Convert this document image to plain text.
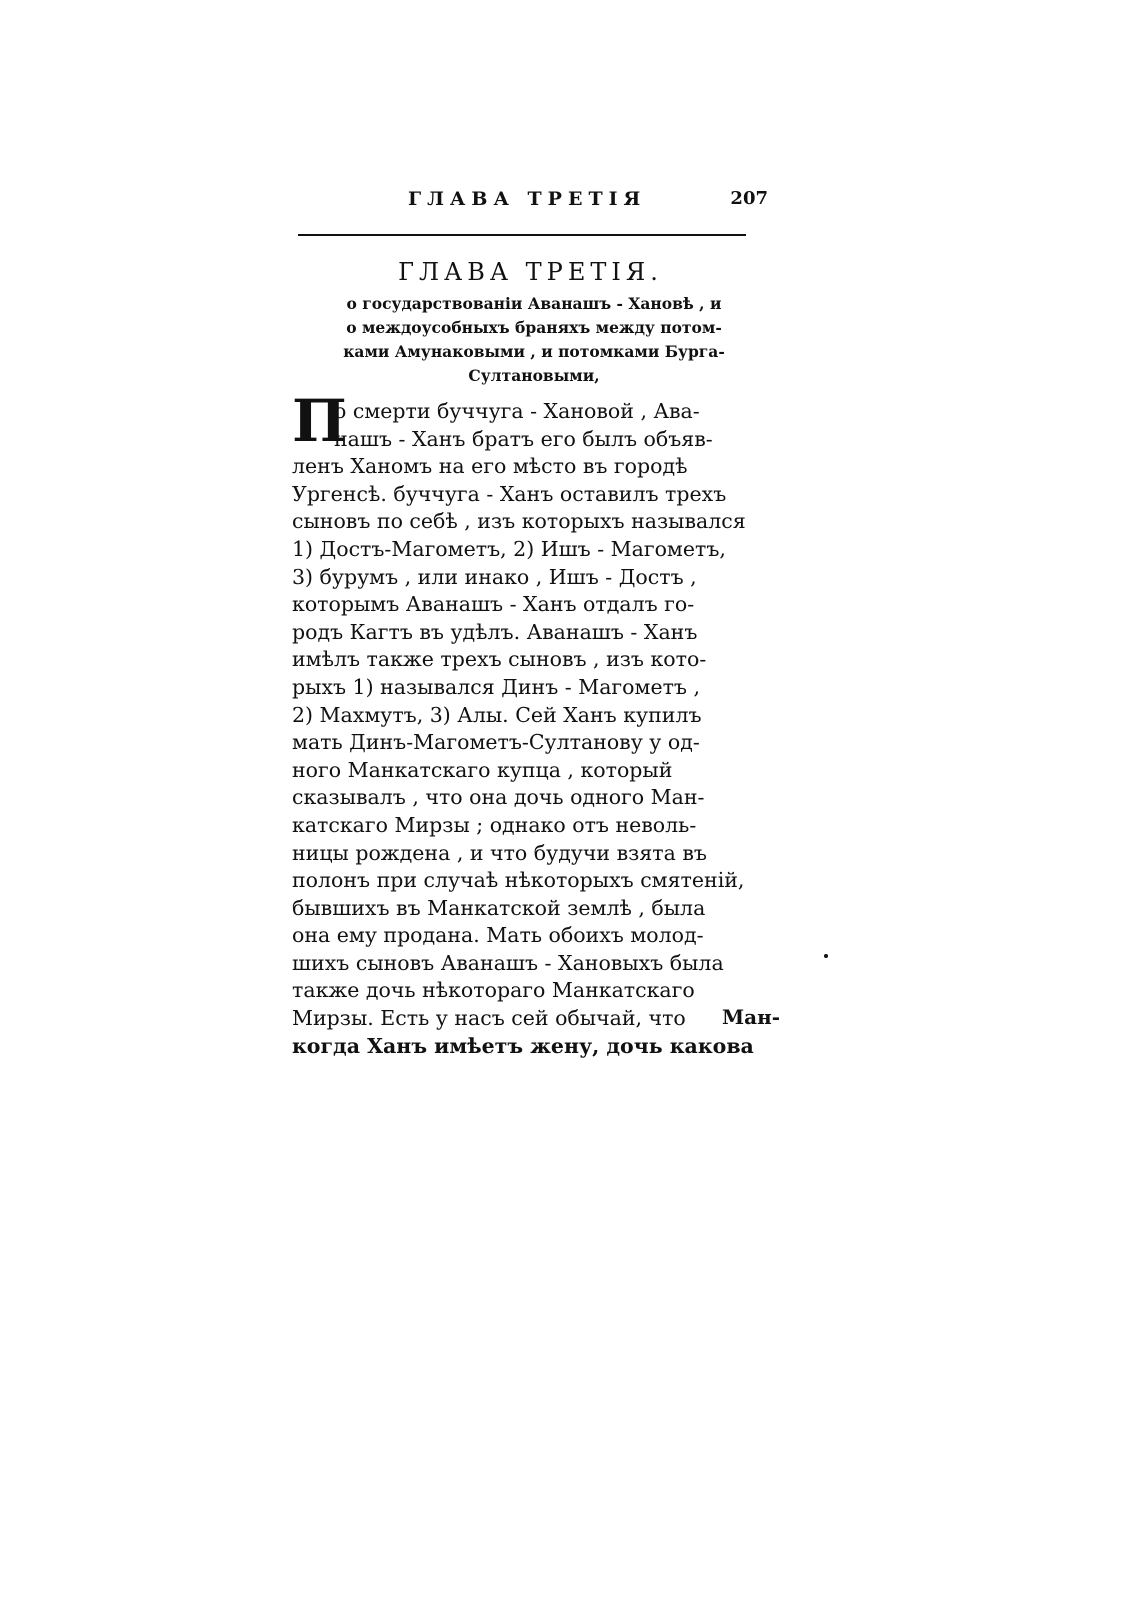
ГЛАВА ТРЕТІЯ	207
ГЛАВА ТРЕТІЯ.
о государствованіи Аванашъ - Хановѣ , и
о междоусобныхъ браняхъ между потом-
ками Амунаковыми , и потомками Бурга-
Султановыми,
П
о смерти буччуга - Хановой , Ава-
нашъ - Ханъ братъ его былъ объяв-
ленъ Ханомъ на его мѣсто въ городѣ
Ургенсѣ. буччуга - Ханъ оставилъ трехъ
сыновъ по себѣ , изъ которыхъ назывался
1) Достъ-Магометъ, 2) Ишъ - Магометъ,
3) бурумъ , или инако , Ишъ - Достъ ,
которымъ Аванашъ - Ханъ отдалъ го-
родъ Кагтъ въ удѣлъ. Аванашъ - Ханъ
имѣлъ также трехъ сыновъ , изъ кото-
рыхъ 1) назывался Динъ - Магометъ ,
2) Махмутъ, 3) Алы. Сей Ханъ купилъ
мать Динъ-Магометъ-Султанову у од-
ного Манкатскаго купца , который
сказывалъ , что она дочь одного Ман-
катскаго Мирзы ; однако отъ неволь-
ницы рождена , и что будучи взята въ
полонъ при случаѣ нѣкоторыхъ смятеній,
бывшихъ въ Манкатской землѣ , была
она ему продана. Мать обоихъ молод-
шихъ сыновъ Аванашъ - Хановыхъ была
также дочь нѣкотораго Манкатскаго
Мирзы. Есть у насъ сей обычай, что
когда Ханъ имѣетъ жену, дочь какова
Ман-
